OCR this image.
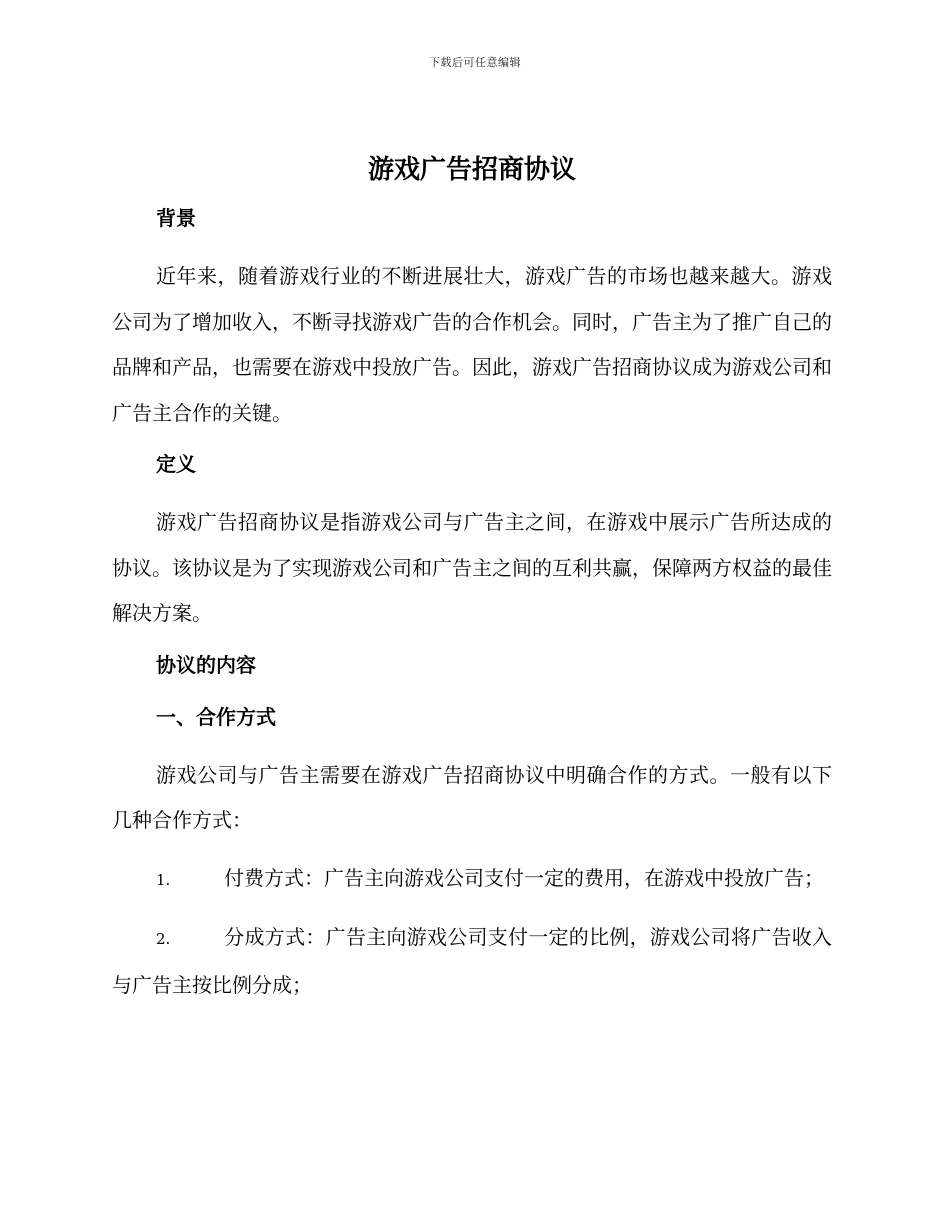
下载后可任意编辑
游戏广告招商协议
背景

近年来，随着游戏行业的不断进展壮大，游戏广告的市场也越来越大。游戏公司为了增加收入，不断寻找游戏广告的合作机会。同时，广告主为了推广自己的品牌和产品，也需要在游戏中投放广告。因此，游戏广告招商协议成为游戏公司和广告主合作的关键。

定义

游戏广告招商协议是指游戏公司与广告主之间，在游戏中展示广告所达成的协议。该协议是为了实现游戏公司和广告主之间的互利共赢，保障两方权益的最佳解决方案。

协议的内容
一、合作方式

游戏公司与广告主需要在游戏广告招商协议中明确合作的方式。一般有以下几种合作方式：

1.	付费方式：广告主向游戏公司支付一定的费用，在游戏中投放广告；

2.	分成方式：广告主向游戏公司支付一定的比例，游戏公司将广告收入与广告主按比例分成；
